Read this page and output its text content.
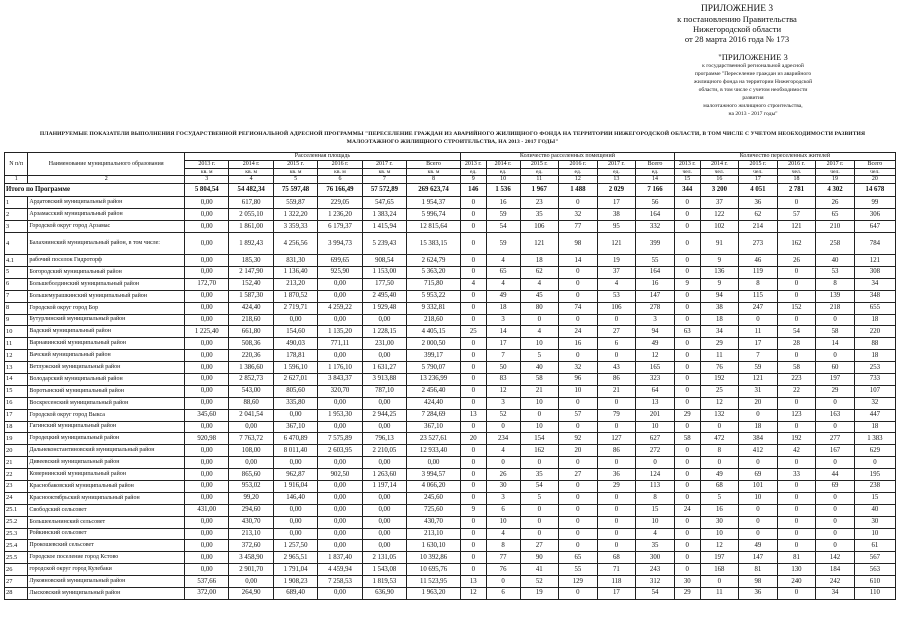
ПРИЛОЖЕНИЕ 3
к постановлению Правительства
Нижегородской области
от 28 марта 2016 года № 173
"ПРИЛОЖЕНИЕ 3
к государственной региональной адресной
программе "Переселение граждан из аварийного
жилищного фонда на территории Нижегородской
области, в том числе с учетом необходимости
развития
малоэтажного жилищного строительства,
на 2013 - 2017 годы"
ПЛАНИРУЕМЫЕ ПОКАЗАТЕЛИ ВЫПОЛНЕНИЯ ГОСУДАРСТВЕННОЙ РЕГИОНАЛЬНОЙ АДРЕСНОЙ ПРОГРАММЫ "ПЕРЕСЕЛЕНИЕ ГРАЖДАН ИЗ АВАРИЙНОГО ЖИЛИЩНОГО ФОНДА НА ТЕРРИТОРИИ НИЖЕГОРОДСКОЙ ОБЛАСТИ, В ТОМ ЧИСЛЕ С УЧЕТОМ НЕОБХОДИМОСТИ РАЗВИТИЯ МАЛОЭТАЖНОГО ЖИЛИЩНОГО СТРОИТЕЛЬСТВА, НА 2013 - 2017 ГОДЫ"
N п/п	Наименование муниципального образования	Расселенная площадь						Количество расселенных помещений						Количество переселенных жителей					
		2013 г.	2014 г.	2015 г.	2016 г.	2017 г.	Всего	2013 г.	2014 г.	2015 г.	2016 г.	2017 г.	Всего	2013 г.	2014 г.	2015 г.	2016 г.	2017 г.	Всего
		кв. м	кв. м	кв. м	кв. м	кв. м	кв. м	ед.	ед.	ед.	ед.	ед.	ед.	чел.	чел.	чел.	чел.	чел.	чел.
1	2	3	4	5	6	7	8	9	10	11	12	13	14	15	16	17	18	19	20
Итого по Программе		5 804,54	54 482,34	75 597,48	76 166,49	57 572,89	269 623,74	146	1 536	1 967	1 488	2 029	7 166	344	3 200	4 051	2 781	4 302	14 678
1	Ардатовский муниципальный район	0,00	617,80	559,87	229,05	547,65	1 954,37	0	16	23	0	17	56	0	37	36	0	26	99
2	Арзамасский муниципальный район	0,00	2 055,10	1 322,20	1 236,20	1 383,24	5 996,74	0	59	35	32	38	164	0	122	62	57	65	306
3	Городской округ город Арзамас	0,00	1 861,00	3 359,33	6 179,37	1 415,94	12 815,64	0	54	106	77	95	332	0	102	214	121	210	647
4	Балахнинский муниципальный район, в том числе:	0,00	1 892,43	4 256,56	3 994,73	5 239,43	15 383,15	0	59	121	98	121	399	0	91	273	162	258	784
4.1	рабочий поселок Гидроторф	0,00	185,30	831,30	699,65	908,54	2 624,79	0	4	18	14	19	55	0	9	46	26	40	121
5	Богородский муниципальный район	0,00	2 147,90	1 136,40	925,90	1 153,00	5 363,20	0	65	62	0	37	164	0	136	119	0	53	308
6	Большеболдинский муниципальный район	172,70	152,40	213,20	0,00	177,50	715,80	4	4	4	0	4	16	9	9	8	0	8	34
7	Большемурашкинский муниципальный район	0,00	1 587,30	1 870,52	0,00	2 495,40	5 953,22	0	49	45	0	53	147	0	94	115	0	139	348
8	Городской округ город Бор	0,00	424,40	2 719,71	4 259,22	1 929,48	9 332,81	0	18	80	74	106	278	0	38	247	152	218	655
9	Бутурлинский муниципальный район	0,00	218,60	0,00	0,00	0,00	218,60	0	3	0	0	0	3	0	18	0	0	0	18
10	Вадский муниципальный район	1 225,40	661,80	154,60	1 135,20	1 228,15	4 405,15	25	14	4	24	27	94	63	34	11	54	58	220
11	Варнавинский муниципальный район	0,00	508,36	490,03	771,11	231,00	2 000,50	0	17	10	16	6	49	0	29	17	28	14	88
12	Вачский муниципальный район	0,00	220,36	178,81	0,00	0,00	399,17	0	7	5	0	0	12	0	11	7	0	0	18
13	Ветлужский муниципальный район	0,00	1 386,60	1 596,10	1 176,10	1 631,27	5 790,07	0	50	40	32	43	165	0	76	59	58	60	253
14	Володарский муниципальный район	0,00	2 852,73	2 627,01	3 843,37	3 913,88	13 236,99	0	83	58	96	86	323	0	192	121	223	197	733
15	Воротынский муниципальный район	0,00	543,00	805,60	320,70	787,10	2 456,40	0	12	21	10	21	64	0	25	31	22	29	107
16	Воскресенский муниципальный район	0,00	88,60	335,80	0,00	0,00	424,40	0	3	10	0	0	13	0	12	20	0	0	32
17	Городской округ город Выкса	345,60	2 041,54	0,00	1 953,30	2 944,25	7 284,69	13	52	0	57	79	201	29	132	0	123	163	447
18	Гагинский муниципальный район	0,00	0,00	367,10	0,00	0,00	367,10	0	0	10	0	0	10	0	0	18	0	0	18
19	Городецкий муниципальный район	920,98	7 763,72	6 470,89	7 575,89	796,13	23 527,61	20	234	154	92	127	627	58	472	384	192	277	1 383
20	Дальнеконстантиновский муниципальный район	0,00	108,00	8 011,40	2 603,95	2 210,05	12 933,40	0	4	162	20	86	272	0	8	412	42	167	629
21	Дивеевский муниципальный район	0,00	0,00	0,00	0,00	0,00	0,00	0	0	0	0	0	0	0	0	0	0	0	0
22	Ковернинский муниципальный район	0,00	865,60	962,87	902,50	1 263,60	3 994,57	0	26	35	27	36	124	0	49	69	33	44	195
23	Краснобаковский муниципальный район	0,00	953,02	1 916,04	0,00	1 197,14	4 066,20	0	30	54	0	29	113	0	68	101	0	69	238
24	Краснооктябрьский муниципальный район	0,00	99,20	146,40	0,00	0,00	245,60	0	3	5	0	0	8	0	5	10	0	0	15
25.1	Свободский сельсовет	431,00	294,60	0,00	0,00	0,00	725,60	9	6	0	0	0	15	24	16	0	0	0	40
25.2	Большеельнинский сельсовет	0,00	430,70	0,00	0,00	0,00	430,70	0	10	0	0	0	10	0	30	0	0	0	30
25.3	Ройкинский сельсовет	0,00	213,10	0,00	0,00	0,00	213,10	0	4	0	0	0	4	0	10	0	0	0	10
25.4	Прокошевский сельсовет	0,00	372,60	1 257,50	0,00	0,00	1 630,10	0	8	27	0	0	35	0	12	49	0	0	61
25.5	Городское поселение город Кстово	0,00	3 458,90	2 965,51	1 837,40	2 131,05	10 392,86	0	77	90	65	68	300	0	197	147	81	142	567
26	городской округ город Кулебаки	0,00	2 901,70	1 791,04	4 459,94	1 543,08	10 695,76	0	76	41	55	71	243	0	168	81	130	184	563
27	Лукояновский муниципальный район	537,66	0,00	1 908,23	7 258,53	1 819,53	11 523,95	13	0	52	129	118	312	30	0	98	240	242	610
28	Лысковский муниципальный район	372,00	264,90	689,40	0,00	636,90	1 963,20	12	6	19	0	17	54	29	11	36	0	34	110
